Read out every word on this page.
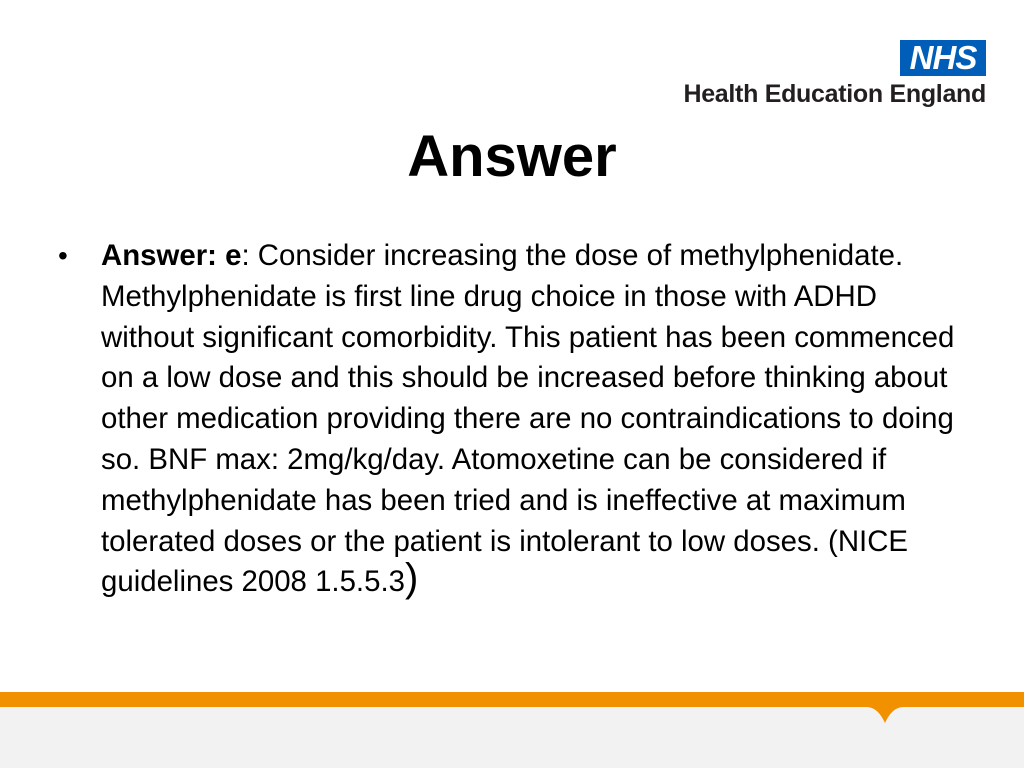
NHS
Health Education England
Answer
• Answer: e: Consider increasing the dose of methylphenidate. Methylphenidate is first line drug choice in those with ADHD without significant comorbidity. This patient has been commenced on a low dose and this should be increased before thinking about other medication providing there are no contraindications to doing so. BNF max: 2mg/kg/day. Atomoxetine can be considered if methylphenidate has been tried and is ineffective at maximum tolerated doses or the patient is intolerant to low doses. (NICE guidelines 2008 1.5.5.3)
